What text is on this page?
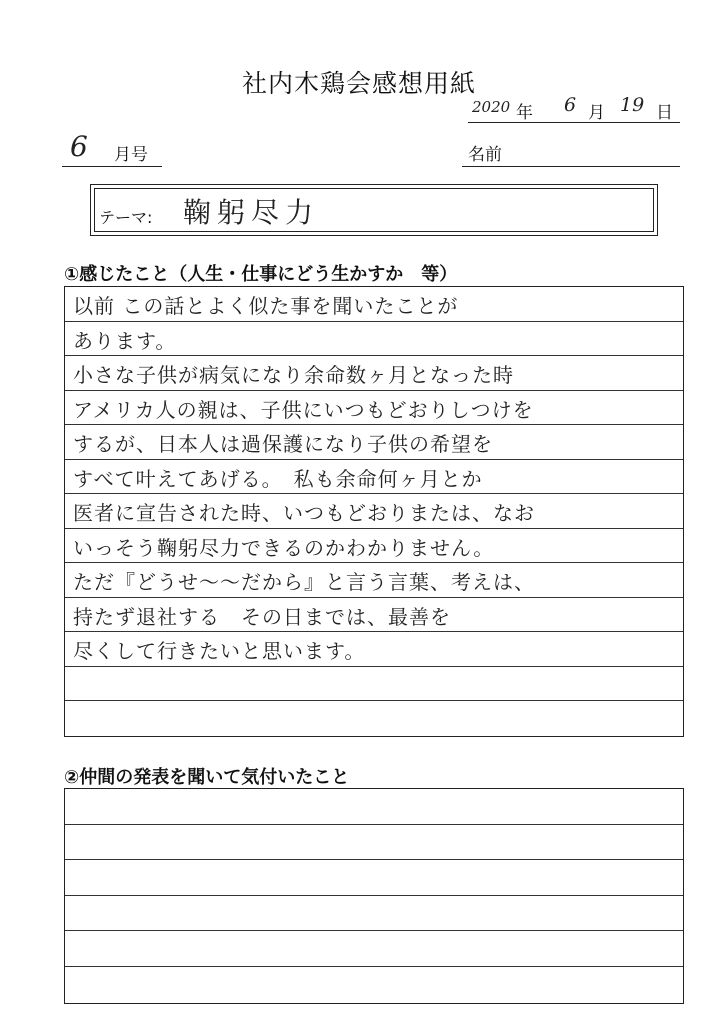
社内木鶏会感想用紙
2020 年 6 月 19 日
6 月号	名前
テーマ: 鞠躬尽力
①感じたこと（人生・仕事にどう生かすか　等）
以前 この話とよく似た事を聞いたことが
あります。
小さな子供が病気になり余命数ヶ月となった時
アメリカ人の親は、子供にいつもどおりしつけを
するが、日本人は過保護になり子供の希望を
すべて叶えてあげる。　私も余命何ヶ月とか
医者に宣告された時、いつもどおりまたは、なお
いっそう鞠躬尽力できるのかわかりません。
ただ『どうせ～～だから』と言う言葉、考えは、
持たず退社する　その日までは、最善を
尽くして行きたいと思います。
②仲間の発表を聞いて気付いたこと
